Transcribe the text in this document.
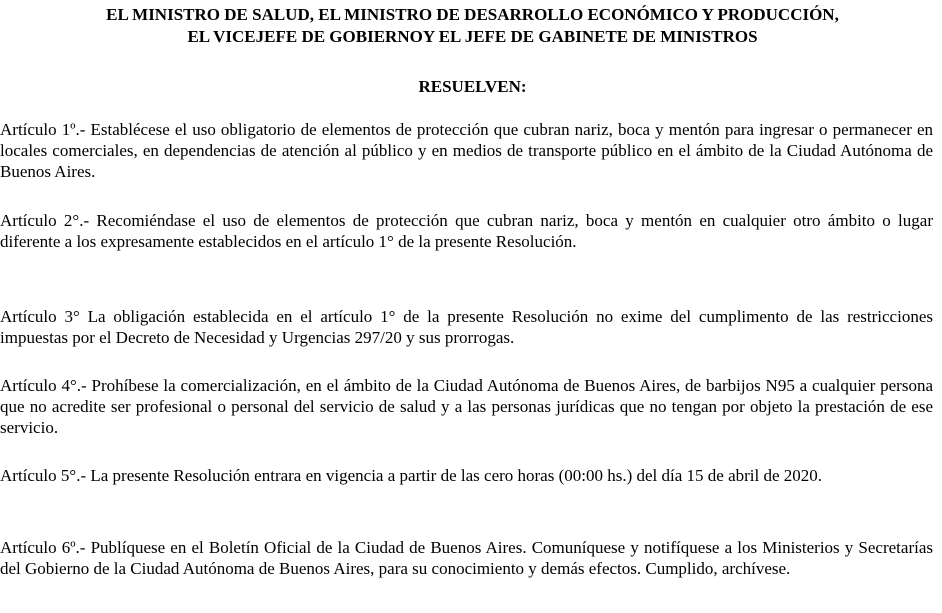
EL MINISTRO DE SALUD, EL MINISTRO DE DESARROLLO ECONÓMICO Y PRODUCCIÓN,
EL VICEJEFE DE GOBIERNOY EL JEFE DE GABINETE DE MINISTROS
RESUELVEN:

Artículo 1º.- Establécese el uso obligatorio de elementos de protección que cubran nariz, boca y mentón para ingresar o permanecer en locales comerciales, en dependencias de atención al público y en medios de transporte público en el ámbito de la Ciudad Autónoma de Buenos Aires.

Artículo 2°.- Recomiéndase el uso de elementos de protección que cubran nariz, boca y mentón en cualquier otro ámbito o lugar diferente a los expresamente establecidos en el artículo 1° de la presente Resolución.

Artículo 3° La obligación establecida en el artículo 1° de la presente Resolución no exime del cumplimento de las restricciones impuestas por el Decreto de Necesidad y Urgencias 297/20 y sus prorrogas.

Artículo 4°.- Prohíbese la comercialización, en el ámbito de la Ciudad Autónoma de Buenos Aires, de barbijos N95 a cualquier persona que no acredite ser profesional o personal del servicio de salud y a las personas jurídicas que no tengan por objeto la prestación de ese servicio.

Artículo 5°.- La presente Resolución entrara en vigencia a partir de las cero horas (00:00 hs.) del día 15 de abril de 2020.

Artículo 6º.- Publíquese en el Boletín Oficial de la Ciudad de Buenos Aires. Comuníquese y notifíquese a los Ministerios y Secretarías del Gobierno de la Ciudad Autónoma de Buenos Aires, para su conocimiento y demás efectos. Cumplido, archívese.
